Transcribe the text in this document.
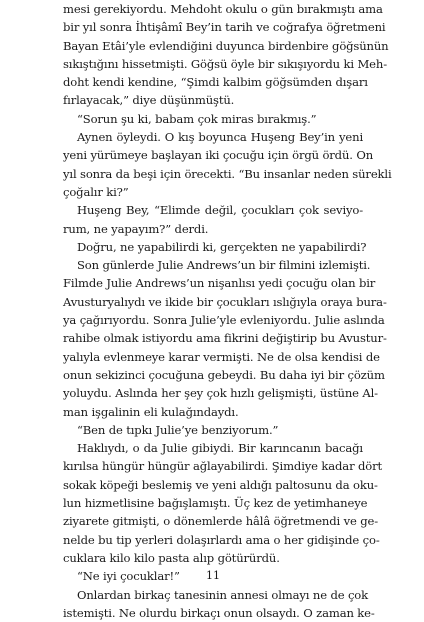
mesi gerekiyordu. Mehdoht okulu o gün bırakmıştı ama
bir yıl sonra İhtişâmî Bey’in tarih ve coğrafya öğretmeni
Bayan Etâi’yle evlendiğini duyunca birdenbire göğsünün
sıkıştığını hissetmişti. Göğsü öyle bir sıkışıyordu ki Meh-
doht kendi kendine, “Şimdi kalbim göğsümden dışarı
fırlayacak,” diye düşünmüştü.
“Sorun şu ki, babam çok miras bırakmış.”
Aynen öyleydi. O kış boyunca Huşeng Bey’in yeni
yeni yürümeye başlayan iki çocuğu için örgü ördü. On
yıl sonra da beşi için örecekti. “Bu insanlar neden sürekli
çoğalır ki?”
Huşeng Bey, “Elimde değil, çocukları çok seviyo-
rum, ne yapayım?” derdi.
Doğru, ne yapabilirdi ki, gerçekten ne yapabilirdi?
Son günlerde Julie Andrews’un bir filmini izlemişti.
Filmde Julie Andrews’un nişanlısı yedi çocuğu olan bir
Avusturyalıydı ve ikide bir çocukları ıslığıyla oraya bura-
ya çağırıyordu. Sonra Julie’yle evleniyordu. Julie aslında
rahibe olmak istiyordu ama fikrini değiştirip bu Avustur-
yalıyla evlenmeye karar vermişti. Ne de olsa kendisi de
onun sekizinci çocuğuna gebeydi. Bu daha iyi bir çözüm
yoluydu. Aslında her şey çok hızlı gelişmişti, üstüne Al-
man işgalinin eli kulağındaydı.
“Ben de tıpkı Julie’ye benziyorum.”
Haklıydı, o da Julie gibiydi. Bir karıncanın bacağı
kırılsa hüngür hüngür ağlayabilirdi. Şimdiye kadar dört
sokak köpeği beslemiş ve yeni aldığı paltosunu da oku-
lun hizmetlisine bağışlamıştı. Üç kez de yetimhaneye
ziyarete gitmişti, o dönemlerde hâlâ öğretmendi ve ge-
nelde bu tip yerleri dolaşırlardı ama o her gidişinde ço-
cuklara kilo kilo pasta alıp götürürdü.
“Ne iyi çocuklar!”
Onlardan birkaç tanesinin annesi olmayı ne de çok
istemişti. Ne olurdu birkaçı onun olsaydı. O zaman ke-
11
